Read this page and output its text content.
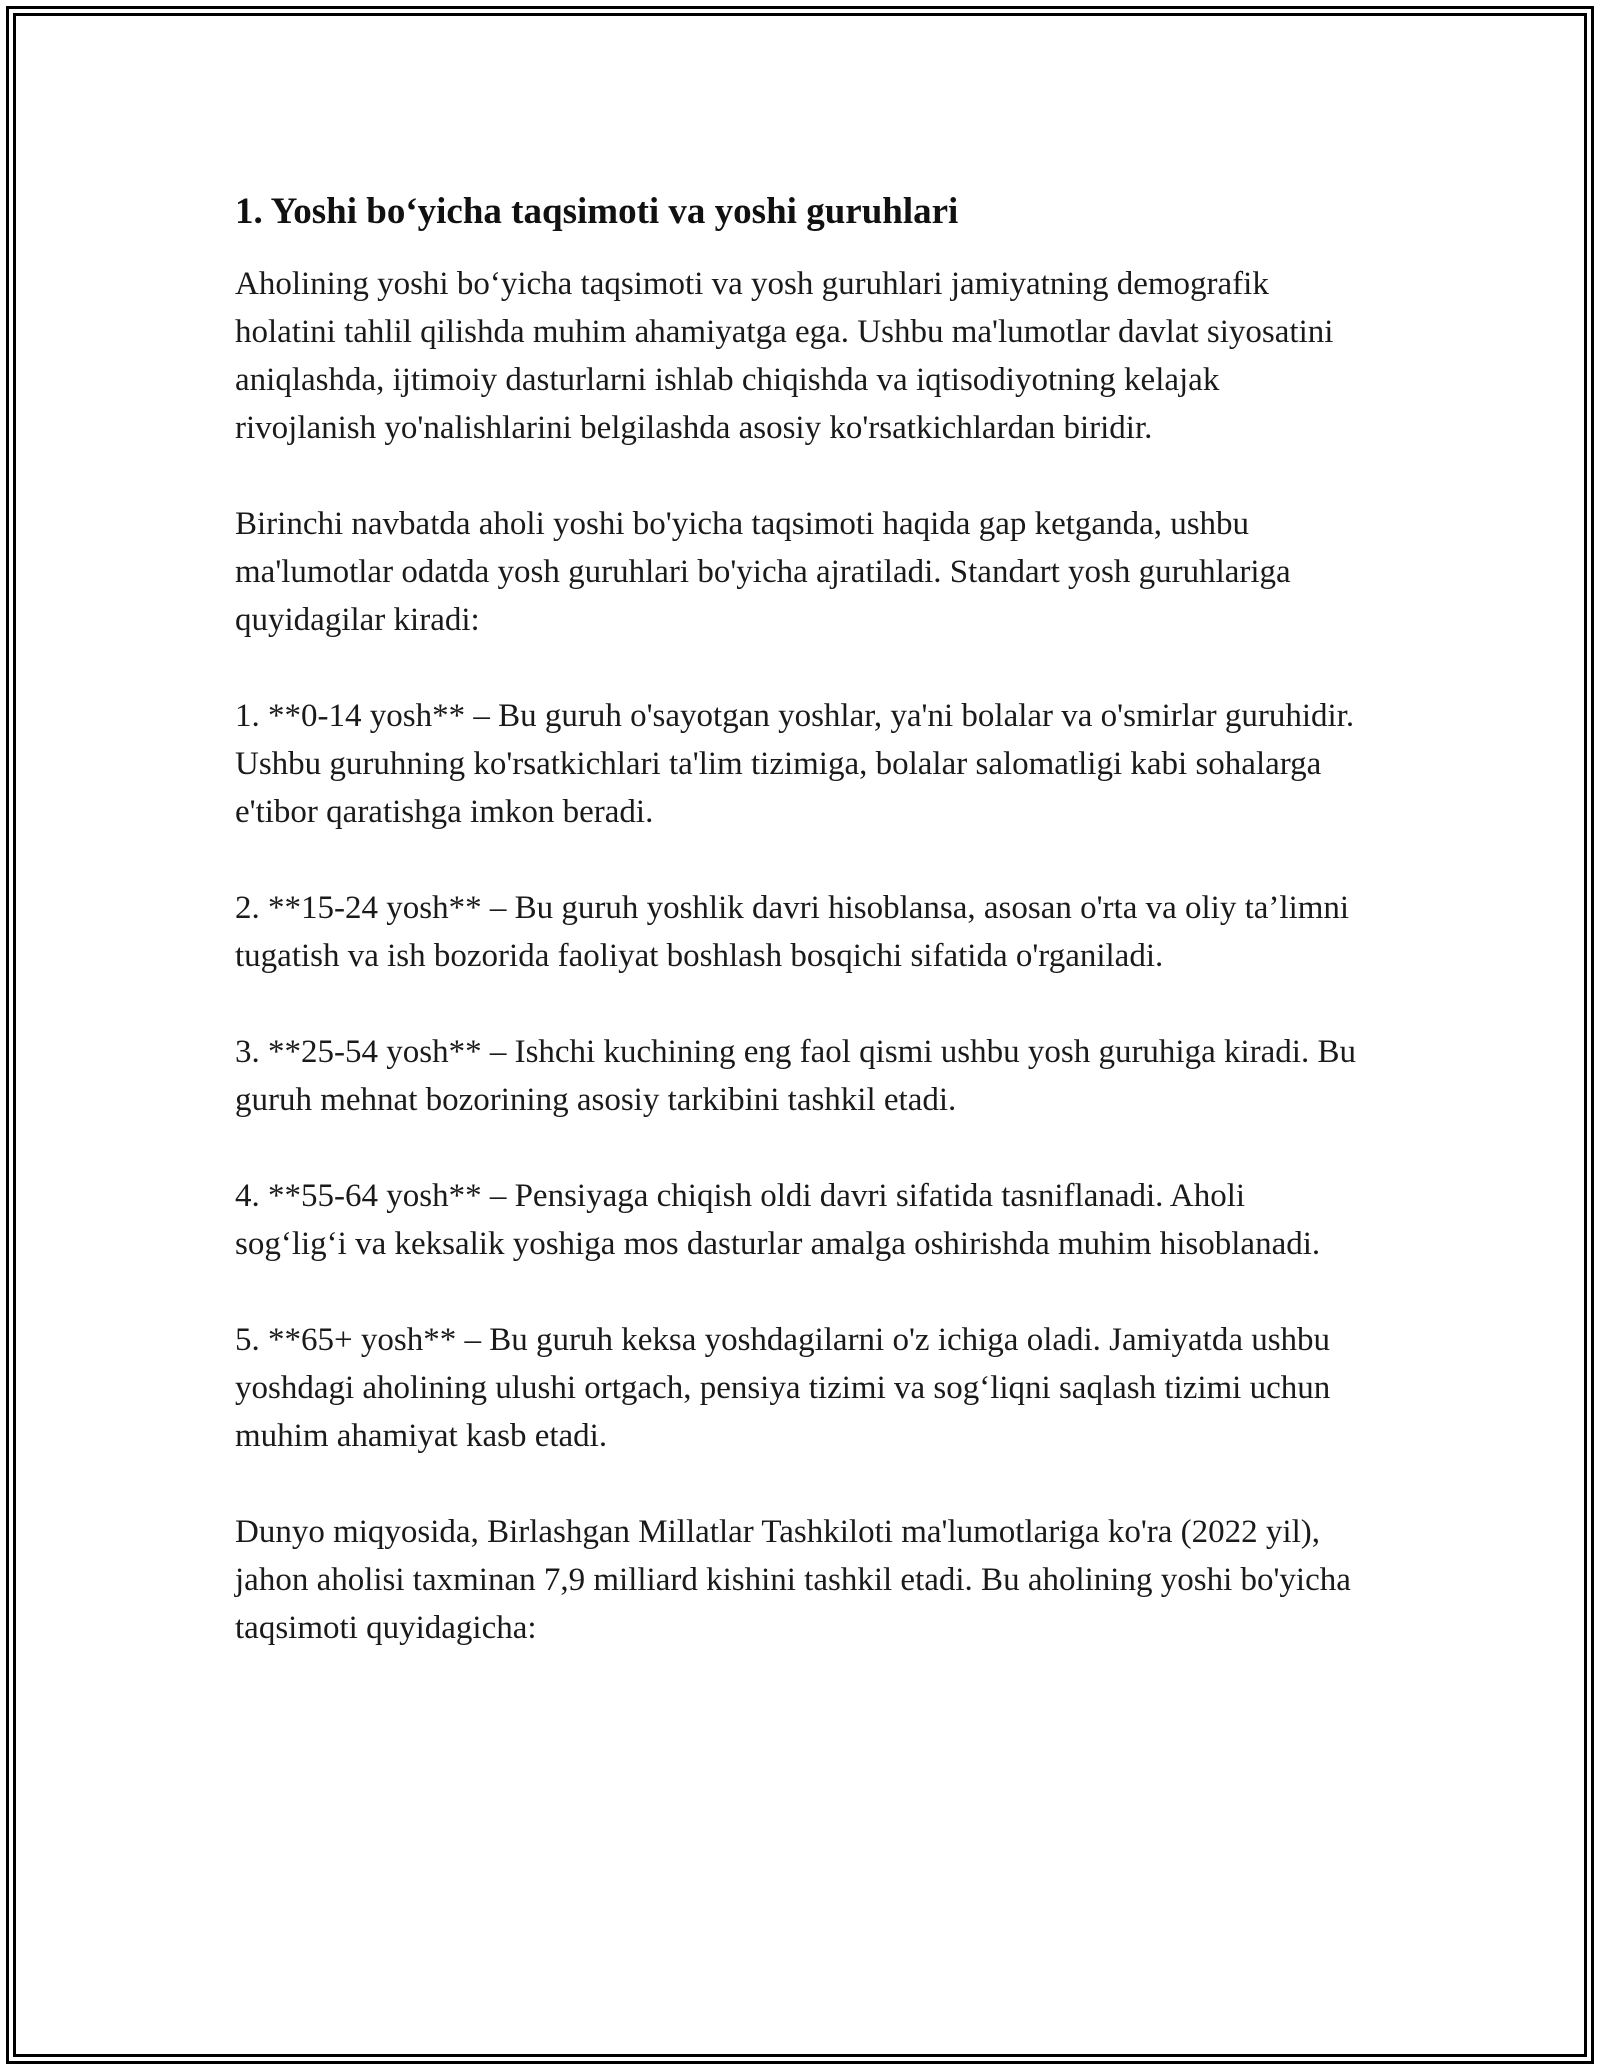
1. Yoshi bo‘yicha taqsimoti va yoshi guruhlari

Aholining yoshi bo‘yicha taqsimoti va yosh guruhlari jamiyatning demografik holatini tahlil qilishda muhim ahamiyatga ega. Ushbu ma'lumotlar davlat siyosatini aniqlashda, ijtimoiy dasturlarni ishlab chiqishda va iqtisodiyotning kelajak rivojlanish yo'nalishlarini belgilashda asosiy ko'rsatkichlardan biridir.

Birinchi navbatda aholi yoshi bo'yicha taqsimoti haqida gap ketganda, ushbu ma'lumotlar odatda yosh guruhlari bo'yicha ajratiladi. Standart yosh guruhlariga quyidagilar kiradi:

1. **0-14 yosh** – Bu guruh o'sayotgan yoshlar, ya'ni bolalar va o'smirlar guruhidir. Ushbu guruhning ko'rsatkichlari ta'lim tizimiga, bolalar salomatligi kabi sohalarga e'tibor qaratishga imkon beradi.

2. **15-24 yosh** – Bu guruh yoshlik davri hisoblansa, asosan o'rta va oliy ta’limni tugatish va ish bozorida faoliyat boshlash bosqichi sifatida o'rganiladi.

3. **25-54 yosh** – Ishchi kuchining eng faol qismi ushbu yosh guruhiga kiradi. Bu guruh mehnat bozorining asosiy tarkibini tashkil etadi.

4. **55-64 yosh** – Pensiyaga chiqish oldi davri sifatida tasniflanadi. Aholi sog‘lig‘i va keksalik yoshiga mos dasturlar amalga oshirishda muhim hisoblanadi.

5. **65+ yosh** – Bu guruh keksa yoshdagilarni o'z ichiga oladi. Jamiyatda ushbu yoshdagi aholining ulushi ortgach, pensiya tizimi va sog‘liqni saqlash tizimi uchun muhim ahamiyat kasb etadi.

Dunyo miqyosida, Birlashgan Millatlar Tashkiloti ma'lumotlariga ko'ra (2022 yil), jahon aholisi taxminan 7,9 milliard kishini tashkil etadi. Bu aholining yoshi bo'yicha taqsimoti quyidagicha:
